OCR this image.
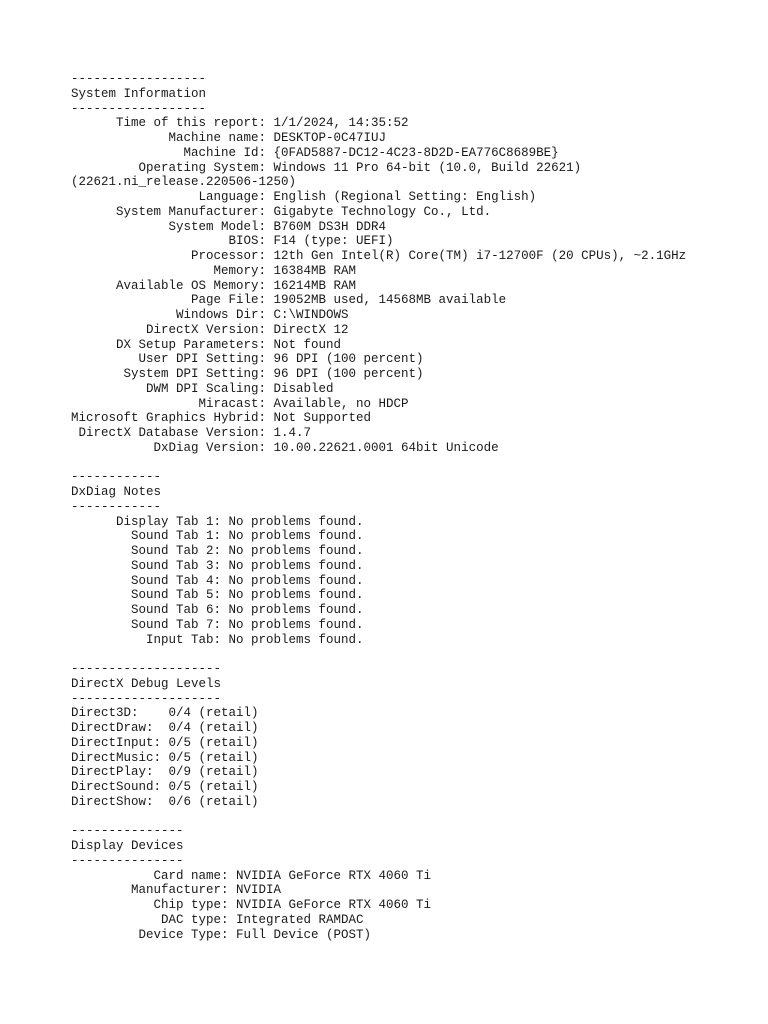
------------------
System Information
------------------
Time of this report: 1/1/2024, 14:35:52
Machine name: DESKTOP-0C47IUJ
Machine Id: {0FAD5887-DC12-4C23-8D2D-EA776C8689BE}
Operating System: Windows 11 Pro 64-bit (10.0, Build 22621)
(22621.ni_release.220506-1250)
Language: English (Regional Setting: English)
System Manufacturer: Gigabyte Technology Co., Ltd.
System Model: B760M DS3H DDR4
BIOS: F14 (type: UEFI)
Processor: 12th Gen Intel(R) Core(TM) i7-12700F (20 CPUs), ~2.1GHz
Memory: 16384MB RAM
Available OS Memory: 16214MB RAM
Page File: 19052MB used, 14568MB available
Windows Dir: C:\WINDOWS
DirectX Version: DirectX 12
DX Setup Parameters: Not found
User DPI Setting: 96 DPI (100 percent)
System DPI Setting: 96 DPI (100 percent)
DWM DPI Scaling: Disabled
Miracast: Available, no HDCP
Microsoft Graphics Hybrid: Not Supported
DirectX Database Version: 1.4.7
DxDiag Version: 10.00.22621.0001 64bit Unicode

------------
DxDiag Notes
------------
Display Tab 1: No problems found.
Sound Tab 1: No problems found.
Sound Tab 2: No problems found.
Sound Tab 3: No problems found.
Sound Tab 4: No problems found.
Sound Tab 5: No problems found.
Sound Tab 6: No problems found.
Sound Tab 7: No problems found.
Input Tab: No problems found.

--------------------
DirectX Debug Levels
--------------------
Direct3D:    0/4 (retail)
DirectDraw:  0/4 (retail)
DirectInput: 0/5 (retail)
DirectMusic: 0/5 (retail)
DirectPlay:  0/9 (retail)
DirectSound: 0/5 (retail)
DirectShow:  0/6 (retail)

---------------
Display Devices
---------------
Card name: NVIDIA GeForce RTX 4060 Ti
Manufacturer: NVIDIA
Chip type: NVIDIA GeForce RTX 4060 Ti
DAC type: Integrated RAMDAC
Device Type: Full Device (POST)
